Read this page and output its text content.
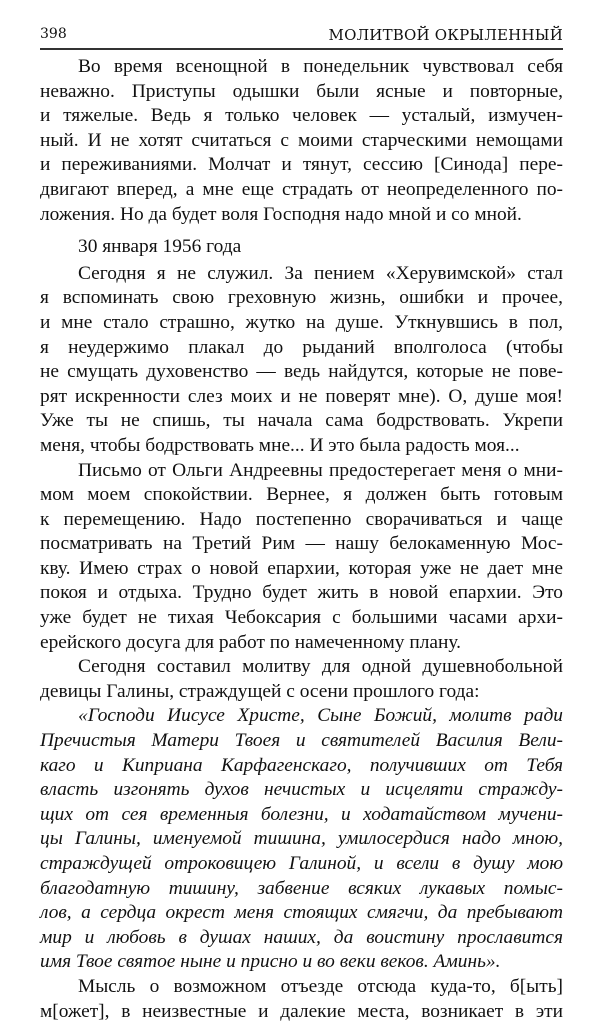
398	МОЛИТВОЙ ОКРЫЛЕННЫЙ
Во время всенощной в понедельник чувствовал себя
неважно. Приступы одышки были ясные и повторные,
и тяжелые. Ведь я только человек — усталый, измучен-
ный. И не хотят считаться с моими старческими немощами
и переживаниями. Молчат и тянут, сессию [Синода] пере-
двигают вперед, а мне еще страдать от неопределенного по-
ложения. Но да будет воля Господня надо мной и со мной.
30 января 1956 года
Сегодня я не служил. За пением «Херувимской» стал
я вспоминать свою греховную жизнь, ошибки и прочее,
и мне стало страшно, жутко на душе. Уткнувшись в пол,
я неудержимо плакал до рыданий вполголоса (чтобы
не смущать духовенство — ведь найдутся, которые не пове-
рят искренности слез моих и не поверят мне). О, душе моя!
Уже ты не спишь, ты начала сама бодрствовать. Укрепи
меня, чтобы бодрствовать мне... И это была радость моя...
Письмо от Ольги Андреевны предостерегает меня о мни-
мом моем спокойствии. Вернее, я должен быть готовым
к перемещению. Надо постепенно сворачиваться и чаще
посматривать на Третий Рим — нашу белокаменную Мос-
кву. Имею страх о новой епархии, которая уже не дает мне
покоя и отдыха. Трудно будет жить в новой епархии. Это
уже будет не тихая Чебоксария с большими часами архи-
ерейского досуга для работ по намеченному плану.
Сегодня составил молитву для одной душевнобольной
девицы Галины, страждущей с осени прошлого года:
«Господи Иисусе Христе, Сыне Божий, молитв ради
Пречистыя Матери Твоея и святителей Василия Вели-
каго и Киприана Карфагенскаго, получивших от Тебя
власть изгонять духов нечистых и исцеляти стражду-
щих от сея временныя болезни, и ходатайством мучени-
цы Галины, именуемой тишина, умилосердися надо мною,
страждущей отроковицею Галиной, и всели в душу мою
благодатную тишину, забвение всяких лукавых помыс-
лов, а сердца окрест меня стоящих смягчи, да пребывают
мир и любовь в душах наших, да воистину прославится
имя Твое святое ныне и присно и во веки веков. Аминь».
Мысль о возможном отъезде отсюда куда-то, б[ыть]
м[ожет], в неизвестные и далекие места, возникает в эти
